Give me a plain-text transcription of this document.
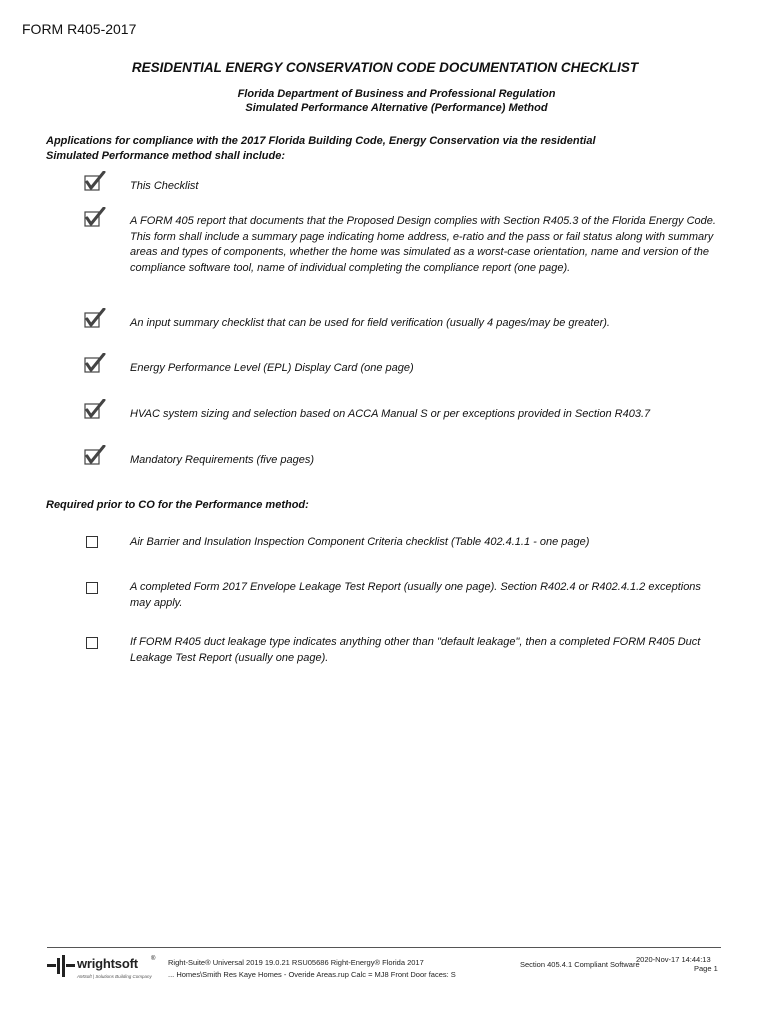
FORM R405-2017
RESIDENTIAL ENERGY CONSERVATION CODE DOCUMENTATION CHECKLIST
Florida Department of Business and Professional Regulation
Simulated Performance Alternative (Performance) Method
Applications for compliance with the 2017 Florida Building Code, Energy Conservation via the residential
Simulated Performance method shall include:
This Checklist
A FORM 405 report that documents that the Proposed Design complies with Section R405.3 of the Florida Energy Code. This form shall include a summary page indicating home address, e-ratio and the pass or fail status along with summary areas and types of components, whether the home was simulated as a worst-case orientation, name and version of the compliance software tool, name of individual completing the compliance report (one page).
An input summary checklist that can be used for field verification (usually 4 pages/may be greater).
Energy Performance Level (EPL) Display Card (one page)
HVAC system sizing and selection based on ACCA Manual S or per exceptions provided in Section R403.7
Mandatory Requirements (five pages)
Required prior to CO for the Performance method:
Air Barrier and Insulation Inspection Component Criteria checklist (Table 402.4.1.1 - one page)
A completed Form 2017 Envelope Leakage Test Report (usually one page). Section R402.4 or R402.4.1.2 exceptions may apply.
If FORM R405 duct leakage type indicates anything other than "default leakage", then a completed FORM R405 Duct Leakage Test Report (usually one page).
wrightsoft ®
AMSoft | Solutions Building Company
Right-Suite® Universal 2019 19.0.21 RSU05686 Right-Energy® Florida 2017
... Homes\Smith Res Kaye Homes - Overide Areas.rup Calc = MJ8 Front Door faces: S
Section 405.4.1 Compliant Software
2020-Nov-17 14:44:13
Page 1
